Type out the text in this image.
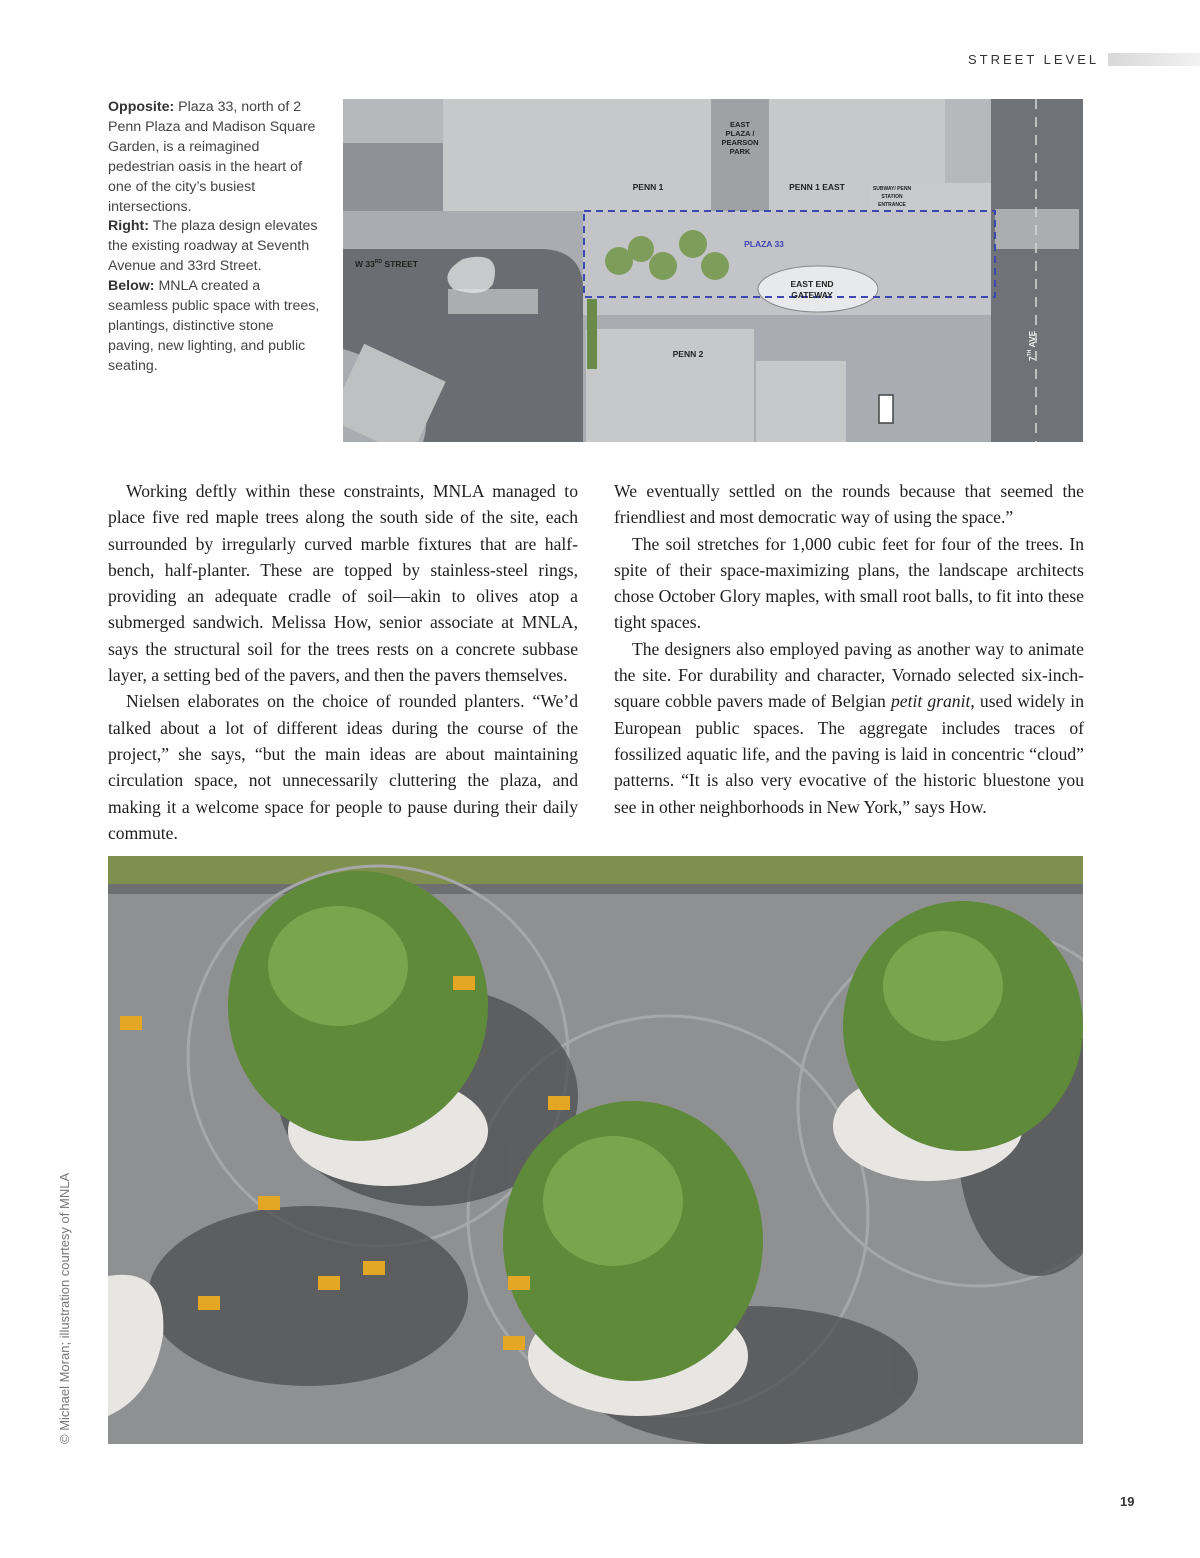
STREET LEVEL

Opposite: Plaza 33, north of 2 Penn Plaza and Madison Square Garden, is a reimagined pedestrian oasis in the heart of one of the city’s busiest intersections.
Right: The plaza design elevates the existing roadway at Seventh Avenue and 33rd Street.
Below: MNLA created a seamless public space with trees, plantings, distinctive stone paving, new lighting, and public seating.

EAST
PLAZA /
PEARSON
PARK
PENN 1	PENN 1 EAST	SUBWAY/ PENN
STATION
ENTRANCE
W 33RD STREET
PLAZA 33
EAST END
GATEWAY
PENN 2	7TH AVE

Working deftly within these constraints, MNLA managed to place five red maple trees along the south side of the site, each surrounded by irregularly curved marble fixtures that are half-bench, half-planter. These are topped by stainless-steel rings, providing an adequate cradle of soil—akin to olives atop a submerged sandwich. Melissa How, senior associate at MNLA, says the structural soil for the trees rests on a concrete subbase layer, a setting bed of the pavers, and then the pavers themselves.

Nielsen elaborates on the choice of rounded planters. “We’d talked about a lot of different ideas during the course of the project,” she says, “but the main ideas are about maintaining circulation space, not unnecessarily cluttering the plaza, and making it a welcome space for people to pause during their daily commute.

We eventually settled on the rounds because that seemed the friendliest and most democratic way of using the space.”

The soil stretches for 1,000 cubic feet for four of the trees. In spite of their space-maximizing plans, the landscape architects chose October Glory maples, with small root balls, to fit into these tight spaces.

The designers also employed paving as another way to animate the site. For durability and character, Vornado selected six-inch-square cobble pavers made of Belgian petit granit, used widely in European public spaces. The aggregate includes traces of fossilized aquatic life, and the paving is laid in concentric “cloud” patterns. “It is also very evocative of the historic bluestone you see in other neighborhoods in New York,” says How.

© Michael Moran; illustration courtesy of MNLA
19
